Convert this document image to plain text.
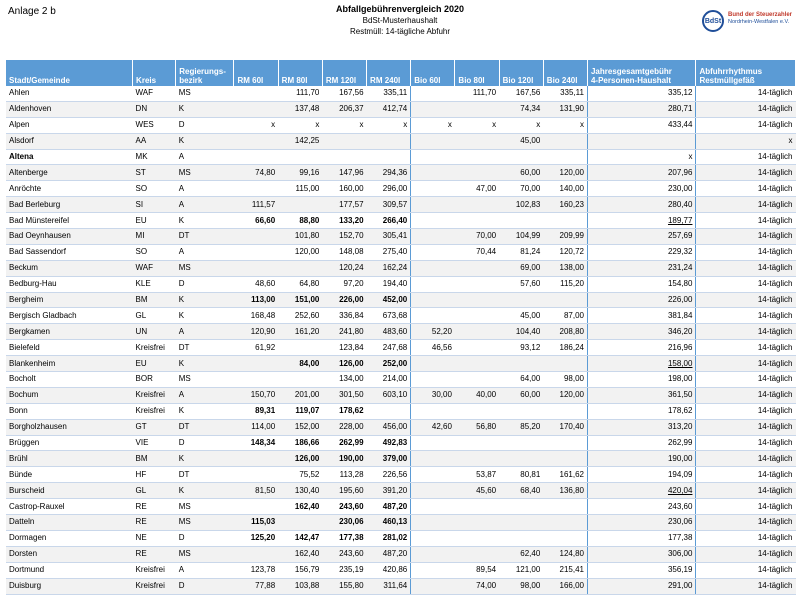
Anlage 2 b	Abfallgebührenvergleich 2020
BdSt-Musterhaushalt
Restmüll: 14-tägliche Abfuhr
BdSt
Bund der Steuerzahler
Nordrhein-Westfalen e.V.
Stadt/Gemeinde	Kreis	Regierungs-
bezirk	RM 60l	RM 80l	RM 120l	RM 240l	Bio 60l	Bio 80l	Bio 120l	Bio 240l	Jahresgesamtgebühr
4-Personen-Haushalt	Abfuhrrhythmus
Restmüllgefäß
Ahlen	WAF	MS		111,70	167,56	335,11		111,70	167,56	335,11	335,12	14-täglich
Aldenhoven	DN	K		137,48	206,37	412,74			74,34	131,90	280,71	14-täglich
Alpen	WES	D	x	x	x	x	x	x	x	x	433,44	14-täglich
Alsdorf	AA	K		142,25					45,00			x
Altena	MK	A									x	14-täglich
Altenberge	ST	MS	74,80	99,16	147,96	294,36			60,00	120,00	207,96	14-täglich
Anröchte	SO	A		115,00	160,00	296,00		47,00	70,00	140,00	230,00	14-täglich
Bad Berleburg	SI	A	111,57		177,57	309,57			102,83	160,23	280,40	14-täglich
Bad Münstereifel	EU	K	66,60	88,80	133,20	266,40					189,77	14-täglich
Bad Oeynhausen	MI	DT		101,80	152,70	305,41		70,00	104,99	209,99	257,69	14-täglich
Bad Sassendorf	SO	A		120,00	148,08	275,40		70,44	81,24	120,72	229,32	14-täglich
Beckum	WAF	MS			120,24	162,24			69,00	138,00	231,24	14-täglich
Bedburg-Hau	KLE	D	48,60	64,80	97,20	194,40			57,60	115,20	154,80	14-täglich
Bergheim	BM	K	113,00	151,00	226,00	452,00					226,00	14-täglich
Bergisch Gladbach	GL	K	168,48	252,60	336,84	673,68			45,00	87,00	381,84	14-täglich
Bergkamen	UN	A	120,90	161,20	241,80	483,60	52,20		104,40	208,80	346,20	14-täglich
Bielefeld	Kreisfrei	DT	61,92		123,84	247,68	46,56		93,12	186,24	216,96	14-täglich
Blankenheim	EU	K		84,00	126,00	252,00					158,00	14-täglich
Bocholt	BOR	MS			134,00	214,00			64,00	98,00	198,00	14-täglich
Bochum	Kreisfrei	A	150,70	201,00	301,50	603,10	30,00	40,00	60,00	120,00	361,50	14-täglich
Bonn	Kreisfrei	K	89,31	119,07	178,62						178,62	14-täglich
Borgholzhausen	GT	DT	114,00	152,00	228,00	456,00	42,60	56,80	85,20	170,40	313,20	14-täglich
Brüggen	VIE	D	148,34	186,66	262,99	492,83					262,99	14-täglich
Brühl	BM	K		126,00	190,00	379,00					190,00	14-täglich
Bünde	HF	DT		75,52	113,28	226,56		53,87	80,81	161,62	194,09	14-täglich
Burscheid	GL	K	81,50	130,40	195,60	391,20		45,60	68,40	136,80	420,04	14-täglich
Castrop-Rauxel	RE	MS		162,40	243,60	487,20					243,60	14-täglich
Datteln	RE	MS	115,03		230,06	460,13					230,06	14-täglich
Dormagen	NE	D	125,20	142,47	177,38	281,02					177,38	14-täglich
Dorsten	RE	MS		162,40	243,60	487,20			62,40	124,80	306,00	14-täglich
Dortmund	Kreisfrei	A	123,78	156,79	235,19	420,86		89,54	121,00	215,41	356,19	14-täglich
Duisburg	Kreisfrei	D	77,88	103,88	155,80	311,64		74,00	98,00	166,00	291,00	14-täglich
